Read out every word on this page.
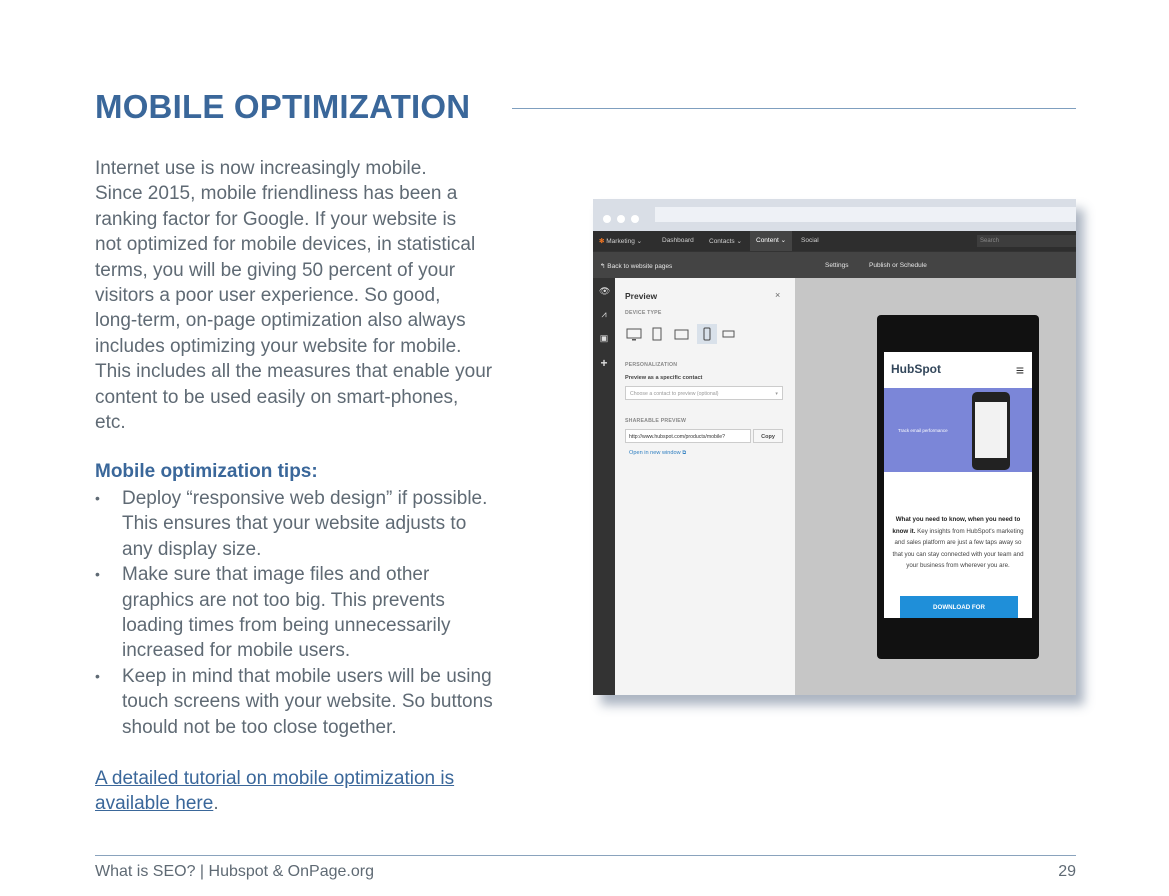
MOBILE OPTIMIZATION

Internet use is now increasingly mobile.
Since 2015, mobile friendliness has been a
ranking factor for Google. If your website is
not optimized for mobile devices, in statistical
terms, you will be giving 50 percent of your
visitors a poor user experience. So good,
long-term, on-page optimization also always
includes optimizing your website for mobile.
This includes all the measures that enable your
content to be used easily on smart-phones,
etc.

Mobile optimization tips:

• Deploy “responsive web design” if possible.
This ensures that your website adjusts to
any display size.
• Make sure that image files and other
graphics are not too big. This prevents
loading times from being unnecessarily
increased for mobile users.
• Keep in mind that mobile users will be using
touch screens with your website. So buttons
should not be too close together.

A detailed tutorial on mobile optimization is
available here.

✻ Marketing ⌄	Dashboard Contacts ⌄	Content ⌄	Social	Search
↰ Back to website pages	Settings	Publish or Schedule
👁
⩘
▣
+
Preview	×
DEVICE TYPE
PERSONALIZATION
Preview as a specific contact
Choose a contact to preview (optional)	▾
SHAREABLE PREVIEW
http://www.hubspot.com/products/mobile?	Copy
Open in new window ⧉
HubSpot	≡
Track email performance
What you need to know, when you need to know it. Key insights from HubSpot's marketing and sales platform are just a few taps away so that you can stay connected with your team and your business from wherever you are.
DOWNLOAD FOR
What is SEO? | Hubspot & OnPage.org	29
